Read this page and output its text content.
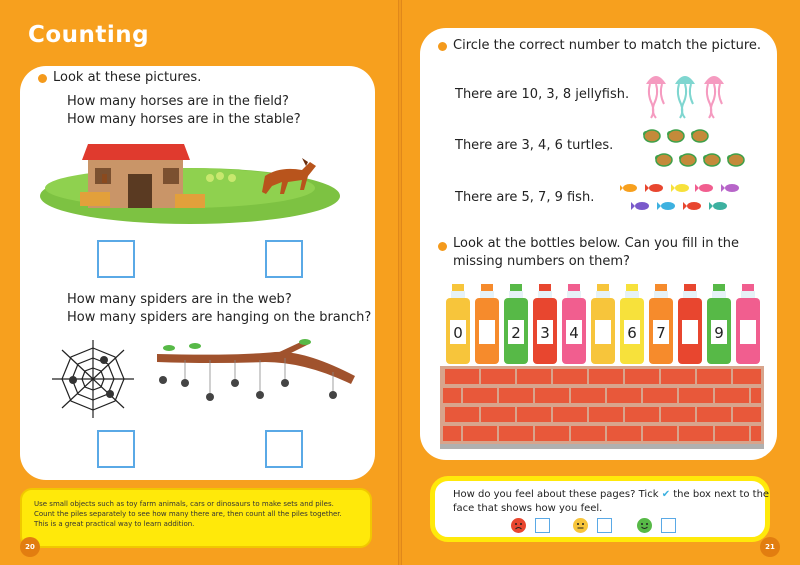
Counting
Look at these pictures.
How many horses are in the field?
How many horses are in the stable?
How many spiders are in the web?
How many spiders are hanging on the branch?
Use small objects such as toy farm animals, cars or dinosaurs to make sets and piles.
Count the piles separately to see how many there are, then count all the piles together.
This is a great practical way to learn addition.
20
Circle the correct number to match the picture.
There are 10, 3, 8 jellyfish.
There are 3, 4, 6 turtles.
There are 5, 7, 9 fish.
Look at the bottles below. Can you fill in the
missing numbers on them?
0	2 3 4	6 7	9
How do you feel about these pages? Tick ✔ the box next to the
face that shows how you feel.
21
